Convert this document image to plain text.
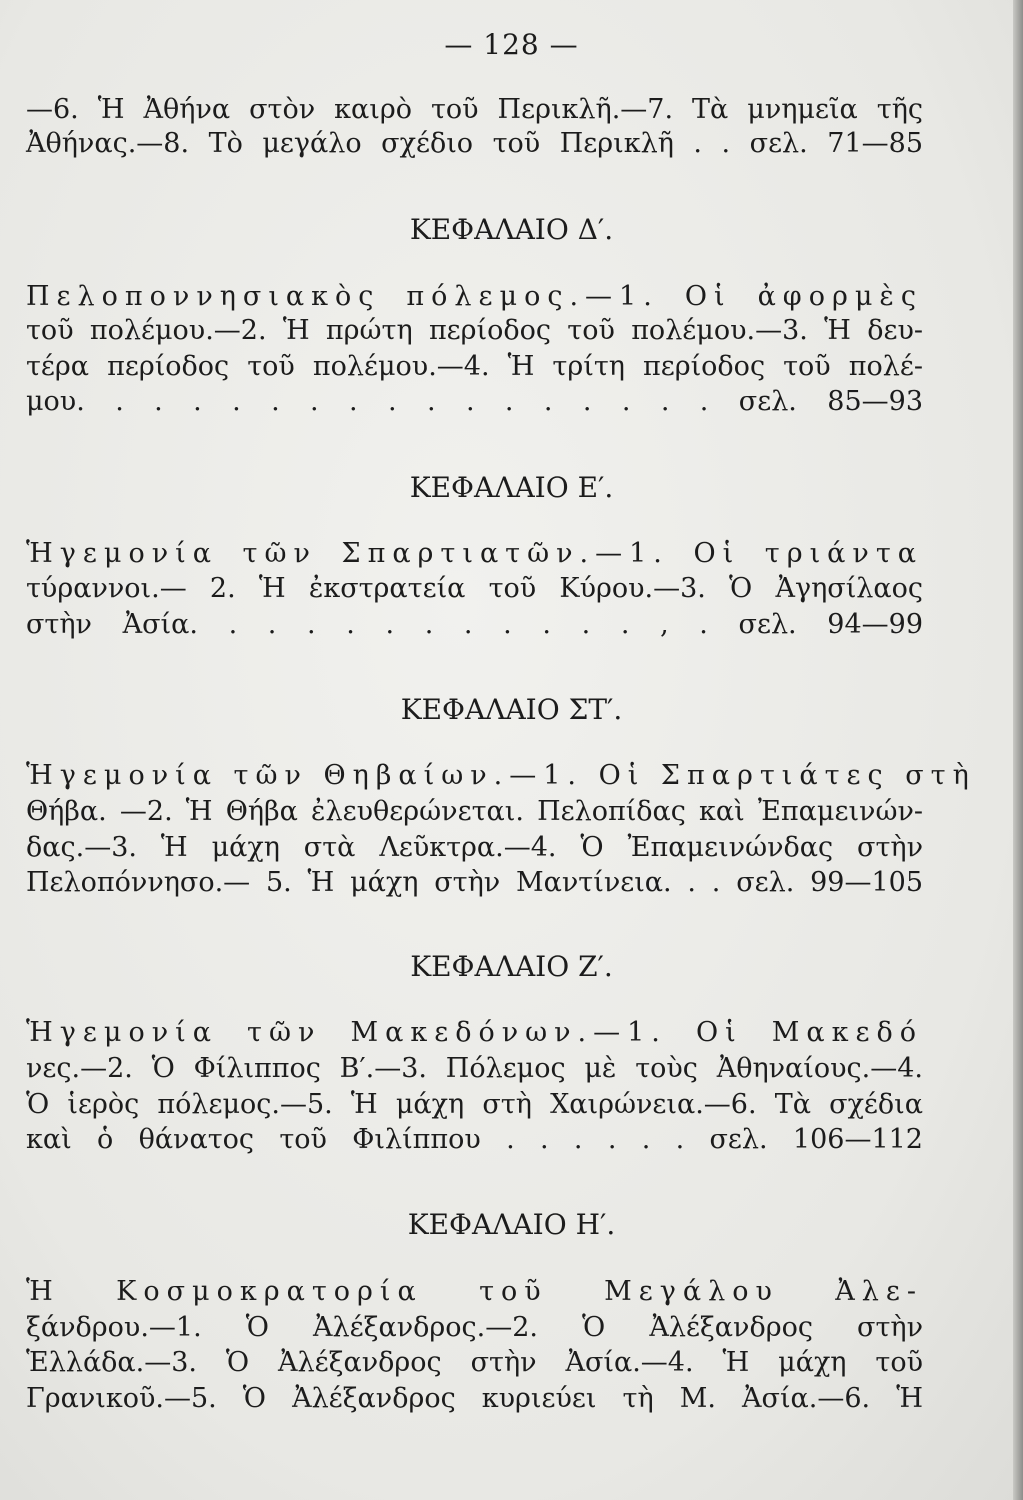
— 128 —
—6. Ἡ Ἀθήνα στὸν καιρὸ τοῦ Περικλῆ.—7. Τὰ μνημεῖα τῆς
Ἀθήνας.—8. Τὸ μεγάλο σχέδιο τοῦ Περικλῆ . . σελ. 71—85
ΚΕΦΑΛΑΙΟ Δ′.
Πελοποννησιακὸς πόλεμος.—1. Οἱ ἀφορμὲς
τοῦ πολέμου.—2. Ἡ πρώτη περίοδος τοῦ πολέμου.—3. Ἡ δευ-
τέρα περίοδος τοῦ πολέμου.—4. Ἡ τρίτη περίοδος τοῦ πολέ-
μου. . . . . . . . . . . . . . . . . σελ. 85—93
ΚΕΦΑΛΑΙΟ Ε′.
Ἡγεμονία τῶν Σπαρτιατῶν.—1. Οἱ τριάντα
τύραννοι.— 2. Ἡ ἐκστρατεία τοῦ Κύρου.—3. Ὁ Ἀγησίλαος
στὴν Ἀσία. . . . . . . . . . . . , . σελ. 94—99
ΚΕΦΑΛΑΙΟ ΣΤ′.
Ἡγεμονία τῶν Θηβαίων.—1. Οἱ Σπαρτιάτες στὴ
Θήβα. —2. Ἡ Θήβα ἐλευθερώνεται. Πελοπίδας καὶ Ἐπαμεινών-
δας.—3. Ἡ μάχη στὰ Λεῦκτρα.—4. Ὁ Ἐπαμεινώνδας στὴν
Πελοπόννησο.— 5. Ἡ μάχη στὴν Μαντίνεια. . . σελ. 99—105
ΚΕΦΑΛΑΙΟ Ζ′.
Ἡγεμονία τῶν Μακεδόνων.—1. Οἱ Μακεδό
νες.—2. Ὁ Φίλιππος Β′.—3. Πόλεμος μὲ τοὺς Ἀθηναίους.—4.
Ὁ ἱερὸς πόλεμος.—5. Ἡ μάχη στὴ Χαιρώνεια.—6. Τὰ σχέδια
καὶ ὁ θάνατος τοῦ Φιλίππου . . . . . . σελ. 106—112
ΚΕΦΑΛΑΙΟ Η′.
Ἡ Κοσμοκρατορία τοῦ Μεγάλου Ἀλε-
ξάνδρου.—1. Ὁ Ἀλέξανδρος.—2. Ὁ Ἀλέξανδρος στὴν
Ἑλλάδα.—3. Ὁ Ἀλέξανδρος στὴν Ἀσία.—4. Ἡ μάχη τοῦ
Γρανικοῦ.—5. Ὁ Ἀλέξανδρος κυριεύει τὴ Μ. Ἀσία.—6. Ἡ
